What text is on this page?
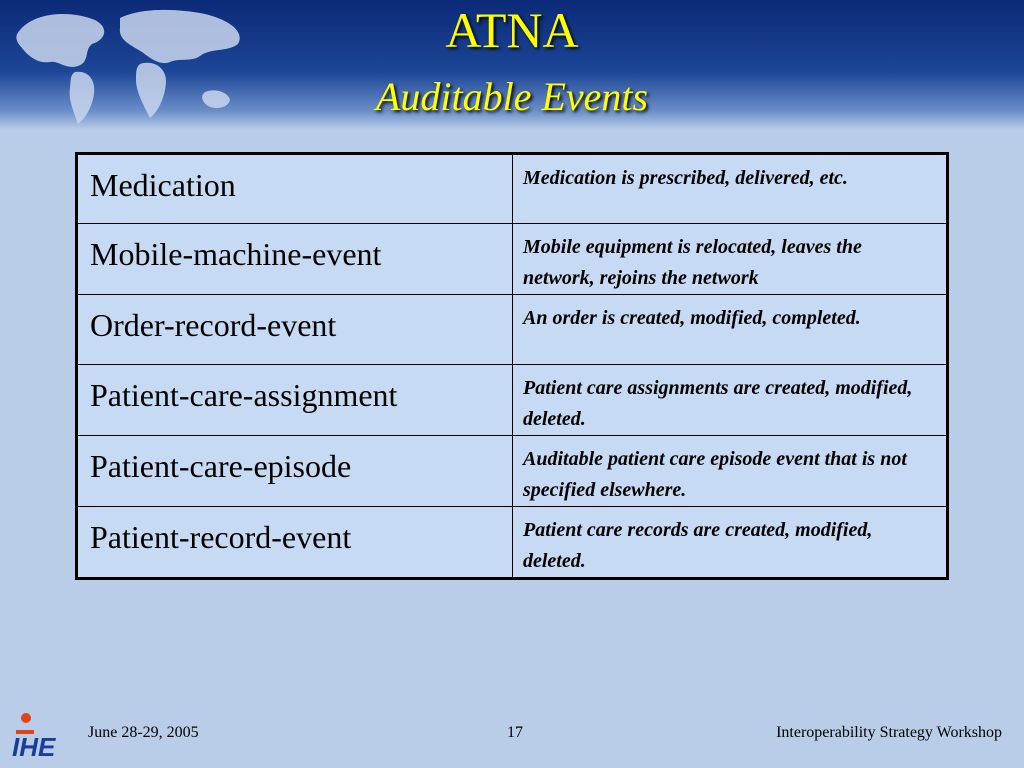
ATNA
Auditable Events
Medication	Medication is prescribed, delivered, etc.
Mobile-machine-event	Mobile equipment is relocated, leaves the network, rejoins the network
Order-record-event	An order is created, modified, completed.
Patient-care-assignment	Patient care assignments are created, modified, deleted.
Patient-care-episode	Auditable patient care episode event that is not specified elsewhere.
Patient-record-event	Patient care records are created, modified, deleted.
IHE June 28-29, 2005	17	Interoperability Strategy Workshop
